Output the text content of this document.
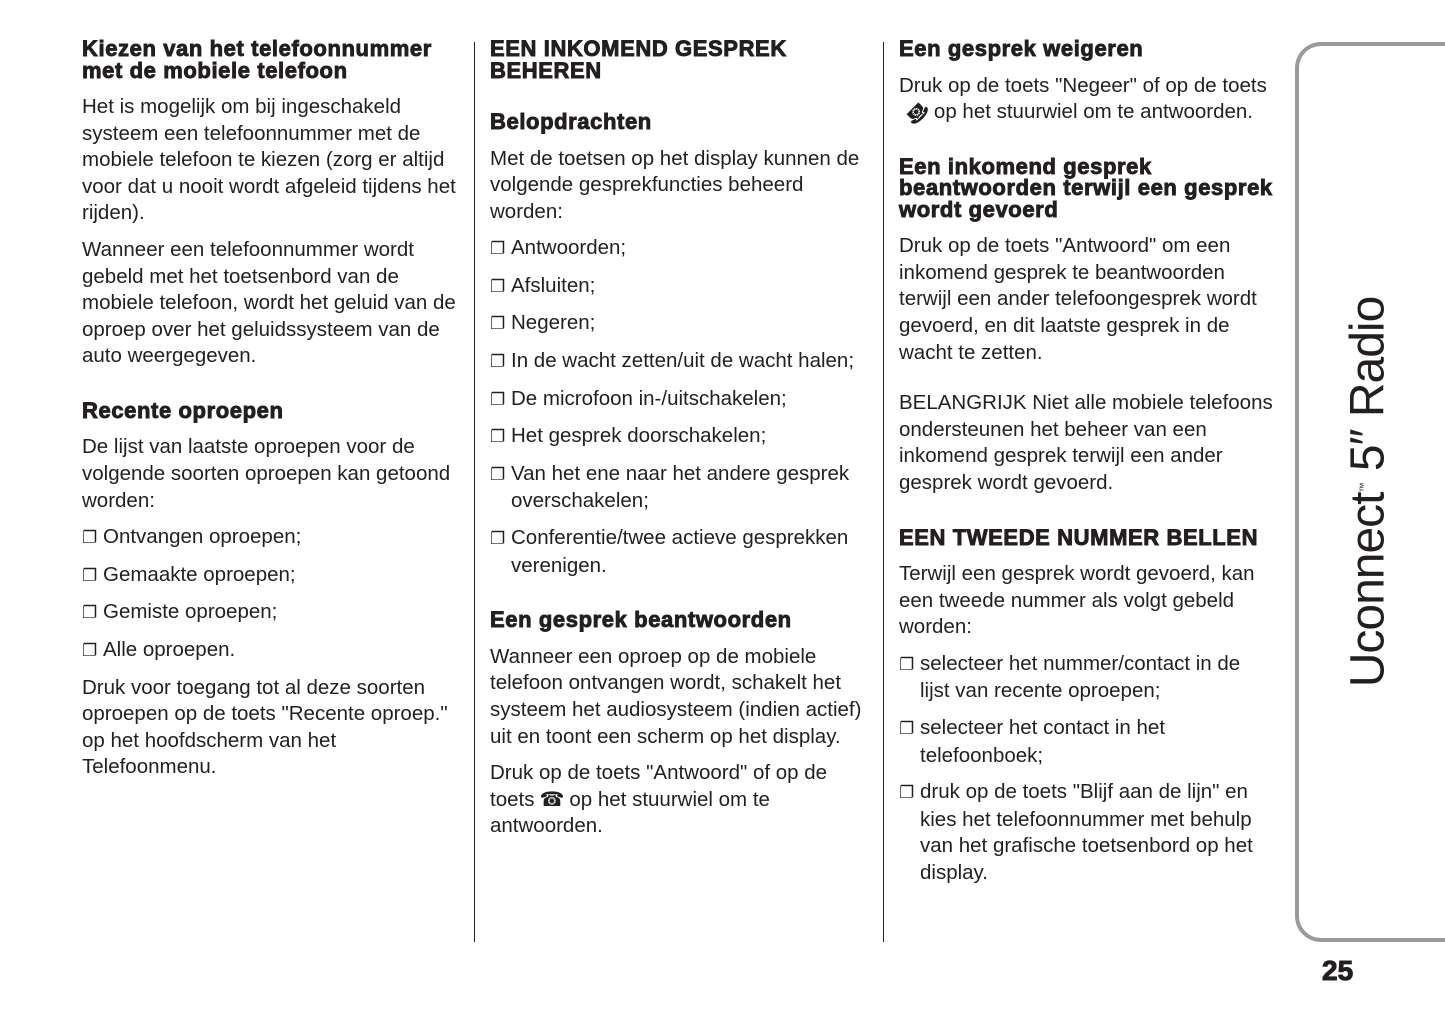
Kiezen van het telefoonnummer met de mobiele telefoon
Het is mogelijk om bij ingeschakeld systeem een telefoonnummer met de mobiele telefoon te kiezen (zorg er altijd voor dat u nooit wordt afgeleid tijdens het rijden).
Wanneer een telefoonnummer wordt gebeld met het toetsenbord van de mobiele telefoon, wordt het geluid van de oproep over het geluidssysteem van de auto weergegeven.
Recente oproepen
De lijst van laatste oproepen voor de volgende soorten oproepen kan getoond worden:
❐ Ontvangen oproepen;
❐ Gemaakte oproepen;
❐ Gemiste oproepen;
❐ Alle oproepen.
Druk voor toegang tot al deze soorten oproepen op de toets "Recente oproep." op het hoofdscherm van het Telefoonmenu.
EEN INKOMEND GESPREK BEHEREN
Belopdrachten
Met de toetsen op het display kunnen de volgende gesprekfuncties beheerd worden:
❐ Antwoorden;
❐ Afsluiten;
❐ Negeren;
❐ In de wacht zetten/uit de wacht halen;
❐ De microfoon in-/uitschakelen;
❐ Het gesprek doorschakelen;
❐ Van het ene naar het andere gesprek overschakelen;
❐ Conferentie/twee actieve gesprekken verenigen.
Een gesprek beantwoorden
Wanneer een oproep op de mobiele telefoon ontvangen wordt, schakelt het systeem het audiosysteem (indien actief) uit en toont een scherm op het display.
Druk op de toets "Antwoord" of op de toets ☎ op het stuurwiel om te antwoorden.
Een gesprek weigeren
Druk op de toets "Negeer" of op de toets☎op het stuurwiel om te antwoorden.
Een inkomend gesprek beantwoorden terwijl een gesprek wordt gevoerd
Druk op de toets "Antwoord" om een inkomend gesprek te beantwoorden terwijl een ander telefoongesprek wordt gevoerd, en dit laatste gesprek in de wacht te zetten.
BELANGRIJK Niet alle mobiele telefoons ondersteunen het beheer van een inkomend gesprek terwijl een ander gesprek wordt gevoerd.
EEN TWEEDE NUMMER BELLEN
Terwijl een gesprek wordt gevoerd, kan een tweede nummer als volgt gebeld worden:
❐ selecteer het nummer/contact in de lijst van recente oproepen;
❐ selecteer het contact in het telefoonboek;
❐ druk op de toets "Blijf aan de lijn" en kies het telefoonnummer met behulp van het grafische toetsenbord op het display.
Uconnect™ 5″ Radio
25
